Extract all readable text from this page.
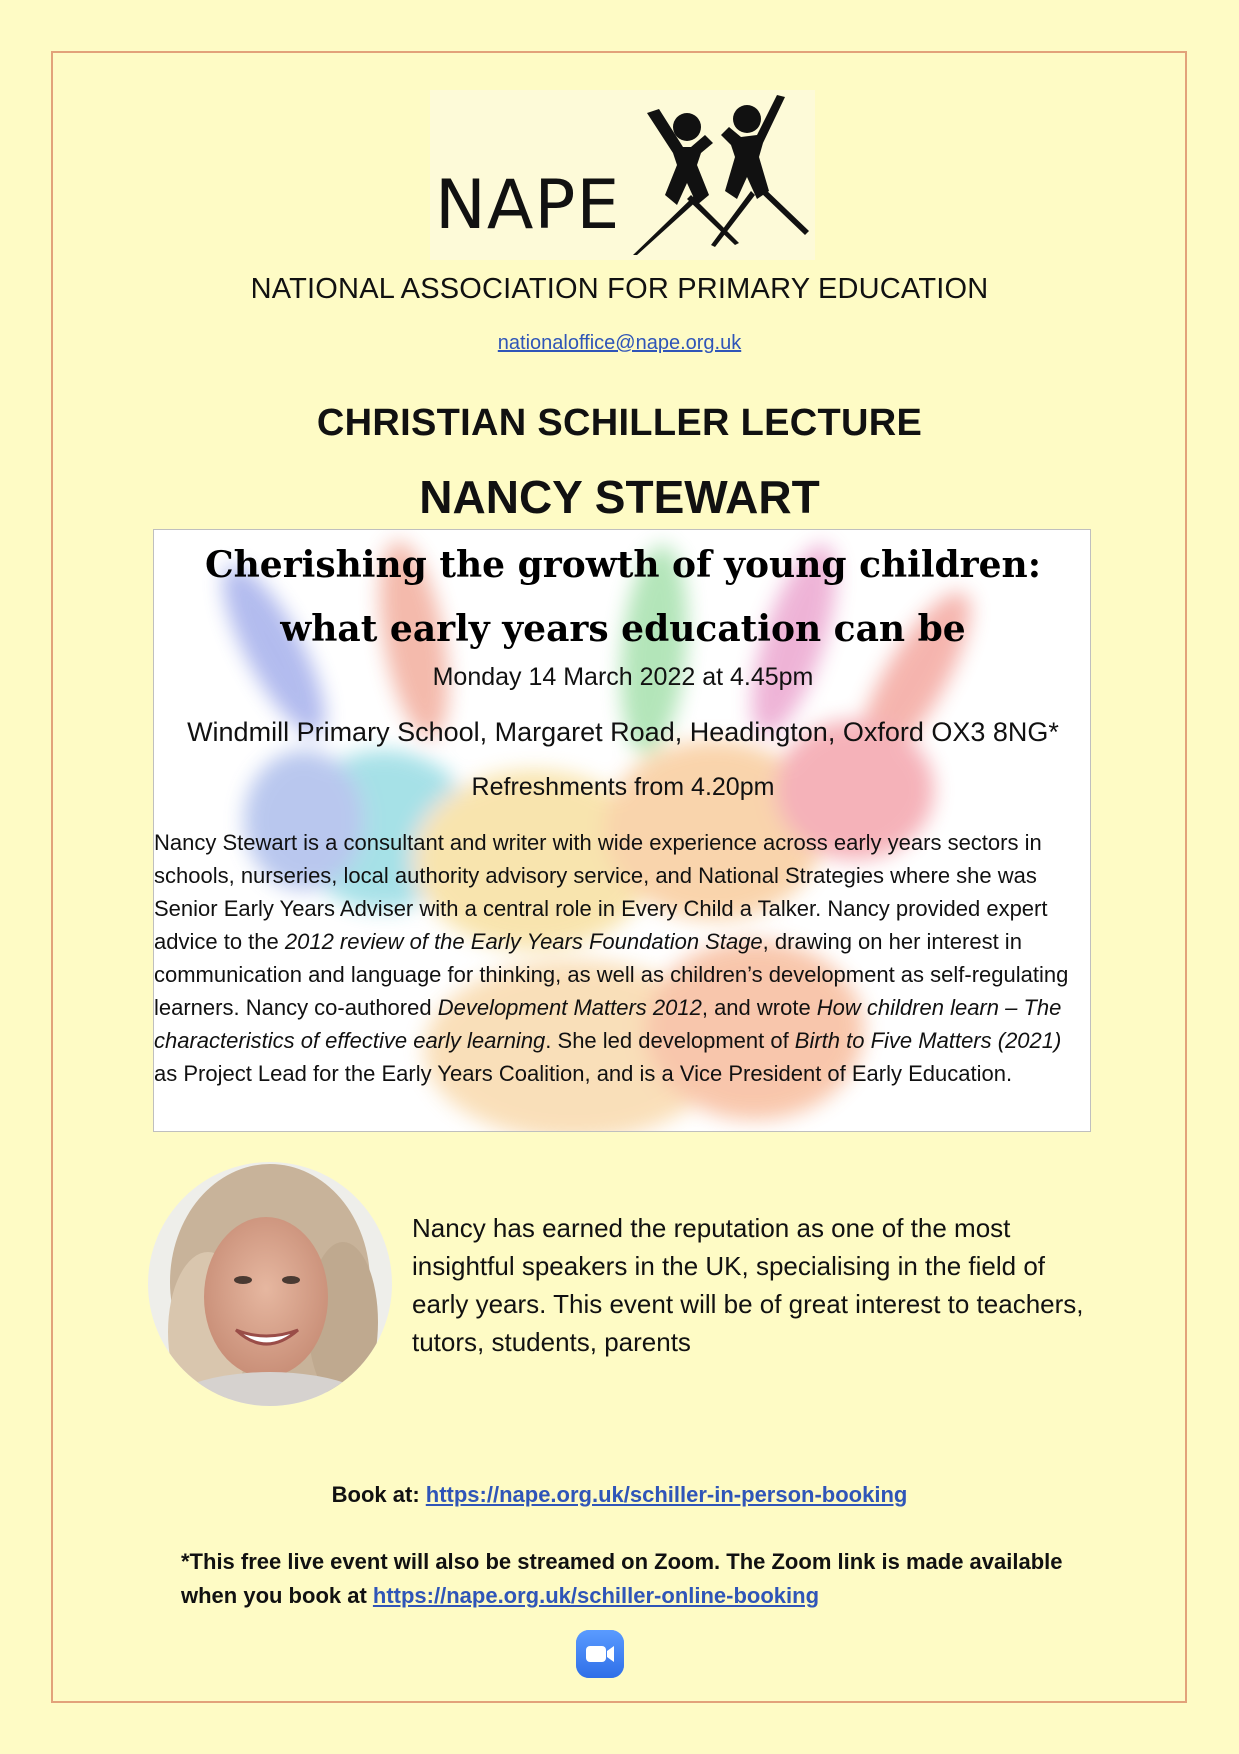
NAPE
NATIONAL ASSOCIATION FOR PRIMARY EDUCATION
nationaloffice@nape.org.uk
CHRISTIAN SCHILLER LECTURE
NANCY STEWART
Cherishing the growth of young children:
what early years education can be
Monday 14 March 2022 at 4.45pm
Windmill Primary School, Margaret Road, Headington, Oxford OX3 8NG*
Refreshments from 4.20pm
Nancy Stewart is a consultant and writer with wide experience across early years sectors in schools, nurseries, local authority advisory service, and National Strategies where she was Senior Early Years Adviser with a central role in Every Child a Talker. Nancy provided expert advice to the 2012 review of the Early Years Foundation Stage, drawing on her interest in communication and language for thinking, as well as children’s development as self-regulating learners. Nancy co-authored Development Matters 2012, and wrote How children learn – The characteristics of effective early learning. She led development of Birth to Five Matters (2021) as Project Lead for the Early Years Coalition, and is a Vice President of Early Education.
Nancy has earned the reputation as one of the most insightful speakers in the UK, specialising in the field of early years. This event will be of great interest to teachers, tutors, students, parents
Book at: https://nape.org.uk/schiller-in-person-booking
*This free live event will also be streamed on Zoom. The Zoom link is made available when you book at https://nape.org.uk/schiller-online-booking
